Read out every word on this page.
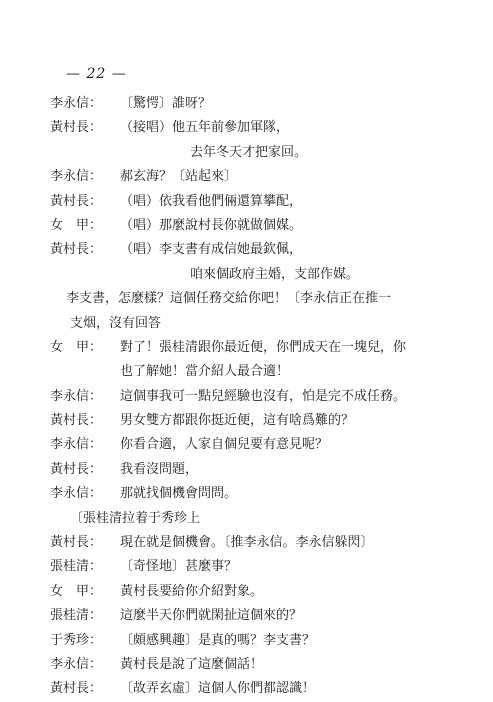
— 22 —
李永信： 〔驚愕〕誰呀？
黃村長： （接唱）他五年前參加軍隊，
去年冬天才把家回。
李永信： 郝玄海？〔站起來〕
黃村長： （唱）依我看他們倆還算攀配，
女　甲： （唱）那麼說村長你就做個媒。
黃村長： （唱）李支書有成信她最欽佩，
咱來個政府主婚，支部作媒。
李支書，怎麼樣？這個任務交給你吧！〔李永信正在推一
支烟，沒有回答
女　甲： 對了！張桂清跟你最近便，你們成天在一塊兒，你
也了解她！當介紹人最合適！
李永信： 這個事我可一點兒經驗也沒有，怕是完不成任務。
黃村長： 男女雙方都跟你挺近便，這有啥爲難的？
李永信： 你看合適，人家自個兒要有意見呢？
黃村長： 我看沒問題，
李永信： 那就找個機會問問。
〔張桂清拉着于秀珍上
黃村長： 現在就是個機會。〔推李永信。李永信躲閃〕
張桂清： 〔奇怪地〕甚麼事？
女　甲： 黃村長要給你介紹對象。
張桂清： 這麼半天你們就閑扯這個來的？
于秀珍： 〔頗感興趣〕是真的嗎？李支書？
李永信： 黃村長是說了這麼個話！
黃村長： 〔故弄玄虛〕這個人你們都認識！
